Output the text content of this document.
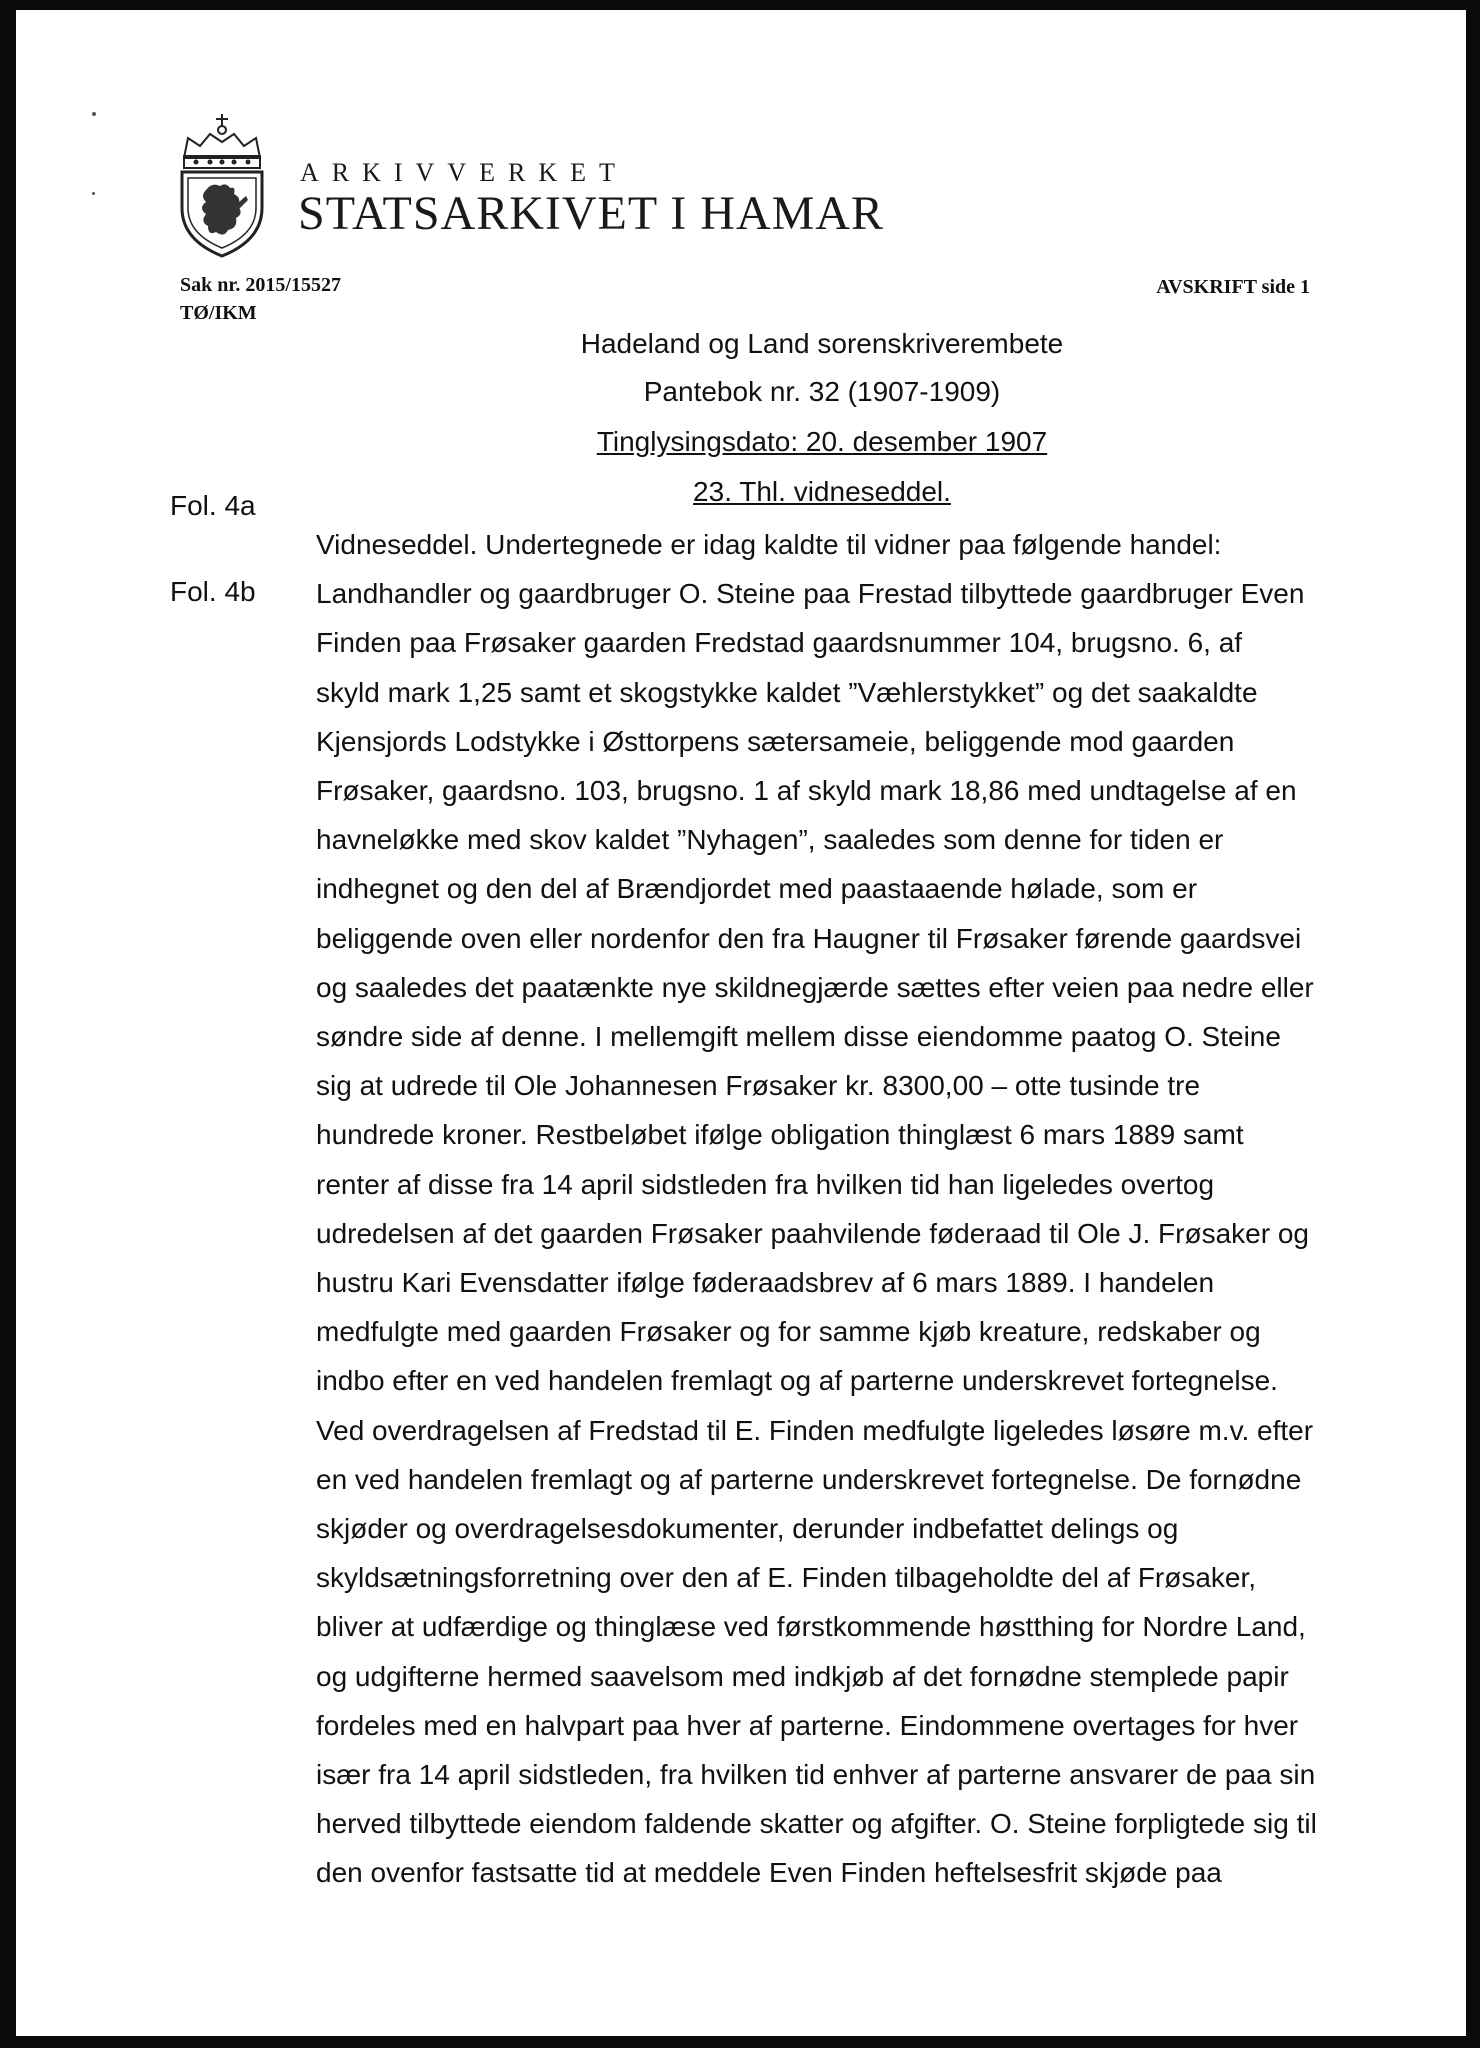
ARKIVVERKET
STATSARKIVET I HAMAR
Sak nr. 2015/15527
TØ/IKM
AVSKRIFT side 1
Hadeland og Land sorenskriverembete
Pantebok nr. 32 (1907-1909)
Tinglysingsdato: 20. desember 1907
23. Thl. vidneseddel.
Fol. 4a
Fol. 4b
Vidneseddel. Undertegnede er idag kaldte til vidner paa følgende handel:
Landhandler og gaardbruger O. Steine paa Frestad tilbyttede gaardbruger Even
Finden paa Frøsaker gaarden Fredstad gaardsnummer 104, brugsno. 6, af
skyld mark 1,25 samt et skogstykke kaldet ”Væhlerstykket” og det saakaldte
Kjensjords Lodstykke i Østtorpens sætersameie, beliggende mod gaarden
Frøsaker, gaardsno. 103, brugsno. 1 af skyld mark 18,86 med undtagelse af en
havneløkke med skov kaldet ”Nyhagen”, saaledes som denne for tiden er
indhegnet og den del af Brændjordet med paastaaende hølade, som er
beliggende oven eller nordenfor den fra Haugner til Frøsaker førende gaardsvei
og saaledes det paatænkte nye skildnegjærde sættes efter veien paa nedre eller
søndre side af denne. I mellemgift mellem disse eiendomme paatog O. Steine
sig at udrede til Ole Johannesen Frøsaker kr. 8300,00 – otte tusinde tre
hundrede kroner. Restbeløbet ifølge obligation thinglæst 6 mars 1889 samt
renter af disse fra 14 april sidstleden fra hvilken tid han ligeledes overtog
udredelsen af det gaarden Frøsaker paahvilende føderaad til Ole J. Frøsaker og
hustru Kari Evensdatter ifølge føderaadsbrev af 6 mars 1889. I handelen
medfulgte med gaarden Frøsaker og for samme kjøb kreature, redskaber og
indbo efter en ved handelen fremlagt og af parterne underskrevet fortegnelse.
Ved overdragelsen af Fredstad til E. Finden medfulgte ligeledes løsøre m.v. efter
en ved handelen fremlagt og af parterne underskrevet fortegnelse. De fornødne
skjøder og overdragelsesdokumenter, derunder indbefattet delings og
skyldsætningsforretning over den af E. Finden tilbageholdte del af Frøsaker,
bliver at udfærdige og thinglæse ved førstkommende høstthing for Nordre Land,
og udgifterne hermed saavelsom med indkjøb af det fornødne stemplede papir
fordeles med en halvpart paa hver af parterne. Eindommene overtages for hver
især fra 14 april sidstleden, fra hvilken tid enhver af parterne ansvarer de paa sin
herved tilbyttede eiendom faldende skatter og afgifter. O. Steine forpligtede sig til
den ovenfor fastsatte tid at meddele Even Finden heftelsesfrit skjøde paa
